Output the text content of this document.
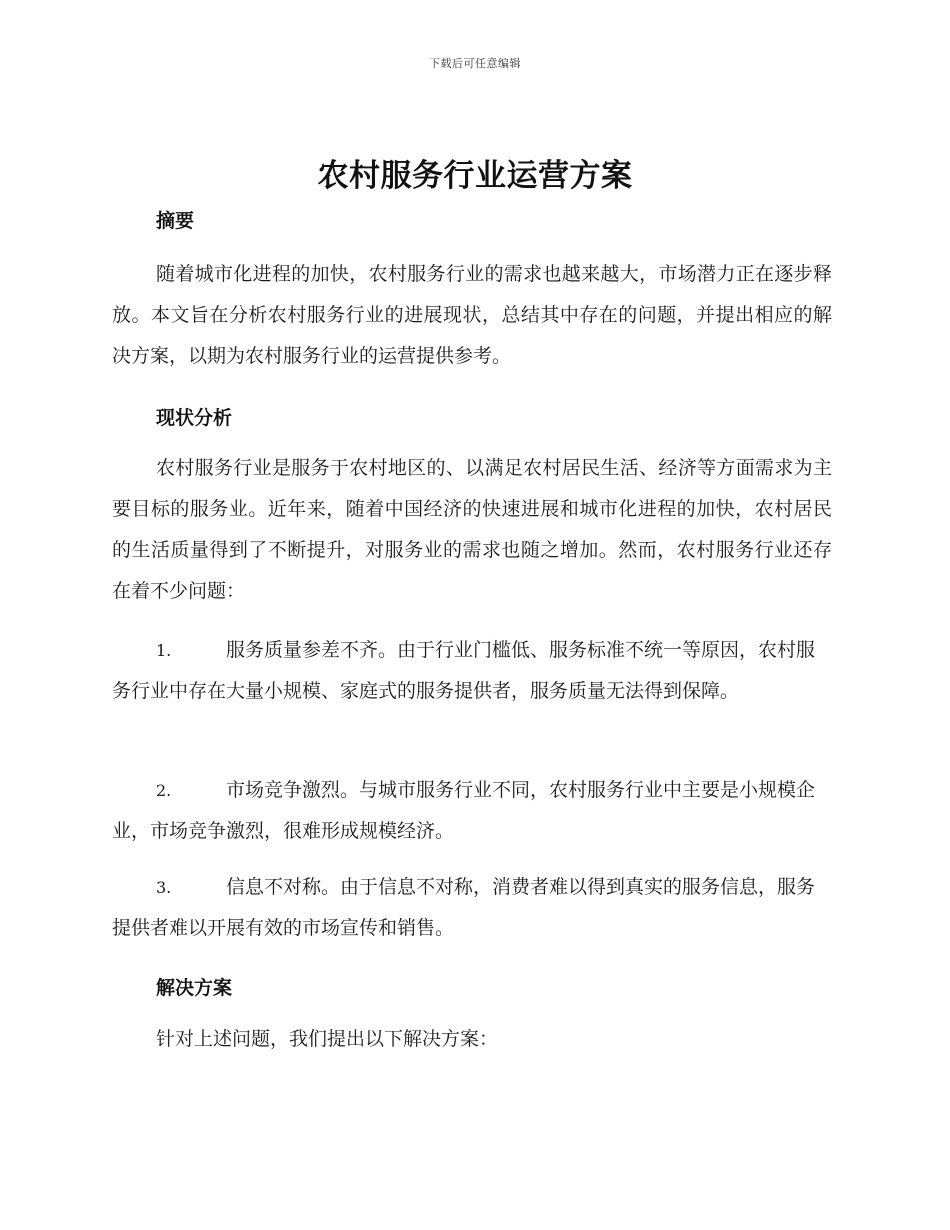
下载后可任意编辑
农村服务行业运营方案
摘要
随着城市化进程的加快，农村服务行业的需求也越来越大，市场潜力正在逐步释放。本文旨在分析农村服务行业的进展现状，总结其中存在的问题，并提出相应的解决方案，以期为农村服务行业的运营提供参考。
现状分析
农村服务行业是服务于农村地区的、以满足农村居民生活、经济等方面需求为主要目标的服务业。近年来，随着中国经济的快速进展和城市化进程的加快，农村居民的生活质量得到了不断提升，对服务业的需求也随之增加。然而，农村服务行业还存在着不少问题：
1.	服务质量参差不齐。由于行业门槛低、服务标准不统一等原因，农村服务行业中存在大量小规模、家庭式的服务提供者，服务质量无法得到保障。
2.	市场竞争激烈。与城市服务行业不同，农村服务行业中主要是小规模企业，市场竞争激烈，很难形成规模经济。
3.	信息不对称。由于信息不对称，消费者难以得到真实的服务信息，服务提供者难以开展有效的市场宣传和销售。
解决方案
针对上述问题，我们提出以下解决方案：
